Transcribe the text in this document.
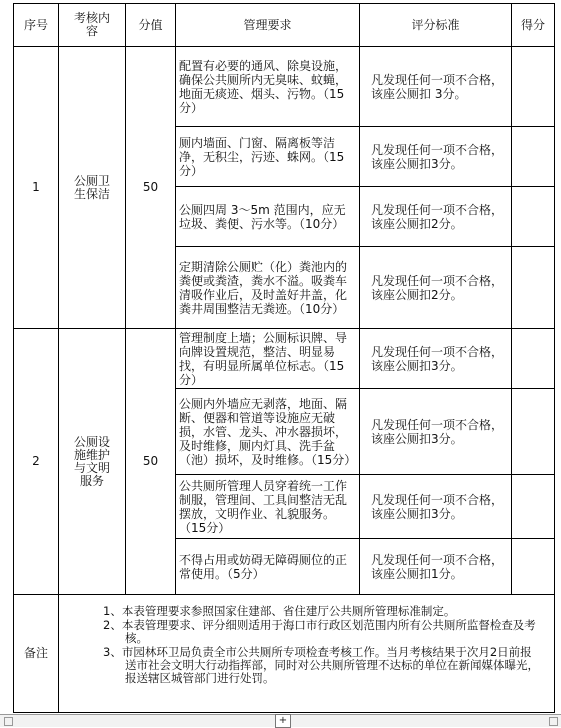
序号	考核内容	分值	管理要求	评分标准	得分
1	公厕卫生保洁	50	配置有必要的通风、除臭设施，确保公共厕所内无臭味、蚊蝇，地面无痰迹、烟头、污物。（15分）	凡发现任何一项不合格，该座公厕扣 3分。	
			厕内墙面、门窗、隔离板等洁净，无积尘，污迹、蛛网。（15分）	凡发现任何一项不合格，该座公厕扣3分。	
			公厕四周 3～5m 范围内，应无垃圾、粪便、污水等。（10分）	凡发现任何一项不合格，该座公厕扣2分。	
			定期清除公厕贮（化）粪池内的粪便或粪渣，粪水不溢。吸粪车清吸作业后，及时盖好井盖，化粪井周围整洁无粪迹。（10分）	凡发现任何一项不合格，该座公厕扣2分。	
2	公厕设施维护与文明服务	50	管理制度上墙；公厕标识牌、导向牌设置规范，整洁、明显易找，有明显所属单位标志。（15分）	凡发现任何一项不合格，该座公厕扣3分。	
			公厕内外墙应无剥落，地面、隔断、便器和管道等设施应无破损，水管、龙头、冲水器损坏，及时维修，厕内灯具、洗手盆（池）损坏，及时维修。（15分）	凡发现任何一项不合格，该座公厕扣3分。	
			公共厕所管理人员穿着统一工作制服，管理间、工具间整洁无乱摆放，文明作业、礼貌服务。（15分）	凡发现任何一项不合格，该座公厕扣3分。	
			不得占用或妨碍无障碍厕位的正常使用。（5分）	凡发现任何一项不合格，该座公厕扣1分。	
备注	1、本表管理要求参照国家住建部、省住建厅公共厕所管理标准制定。

2、本表管理要求、评分细则适用于海口市行政区划范围内所有公共厕所监督检查及考核。

3、市园林环卫局负责全市公共厕所专项检查考核工作。当月考核结果于次月2日前报送市社会文明大行动指挥部，同时对公共厕所管理不达标的单位在新闻媒体曝光，报送辖区城管部门进行处罚。				

+
